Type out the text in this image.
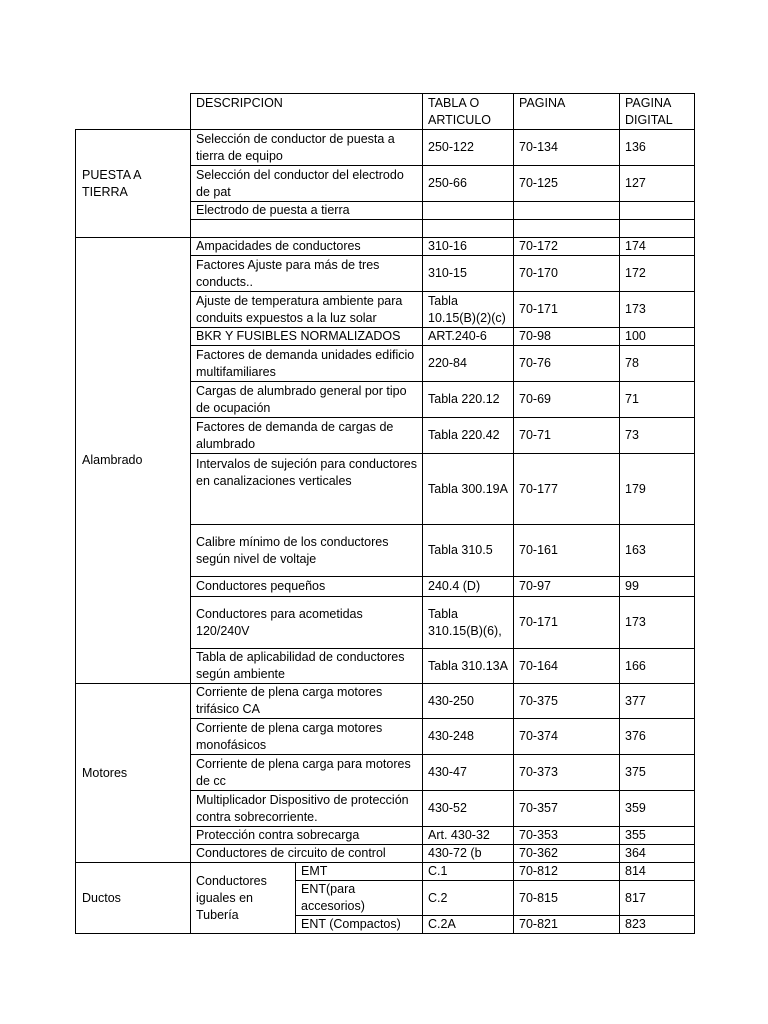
	DESCRIPCION		TABLA O ARTICULO	PAGINA	PAGINA DIGITAL
PUESTA A TIERRA	Selección de conductor de puesta a tierra de equipo		250-122	70-134	136
	Selección del conductor del electrodo de pat		250-66	70-125	127
	Electrodo de puesta a tierra				

Alambrado	Ampacidades de conductores		310-16	70-172	174
	Factores Ajuste para más de tres conducts..		310-15	70-170	172
	Ajuste de temperatura ambiente para conduits expuestos a la luz solar		Tabla 10.15(B)(2)(c)	70-171	173
	BKR Y FUSIBLES NORMALIZADOS		ART.240-6	70-98	100
	Factores de demanda unidades edificio multifamiliares		220-84	70-76	78
	Cargas de alumbrado general por tipo de ocupación		Tabla 220.12	70-69	71
	Factores de demanda de cargas de alumbrado		Tabla 220.42	70-71	73
	Intervalos de sujeción para conductores en canalizaciones verticales		Tabla 300.19A	70-177	179
	Calibre mínimo de los conductores según nivel de voltaje		Tabla 310.5	70-161	163
	Conductores pequeños		240.4 (D)	70-97	99
	Conductores para acometidas 120/240V		Tabla 310.15(B)(6),	70-171	173
	Tabla de aplicabilidad de conductores según ambiente		Tabla 310.13A	70-164	166
Motores	Corriente de plena carga motores trifásico CA		430-250	70-375	377
	Corriente de plena carga motores monofásicos		430-248	70-374	376
	Corriente de plena carga para motores de cc		430-47	70-373	375
	Multiplicador Dispositivo de protección contra sobrecorriente.		430-52	70-357	359
	Protección contra sobrecarga		Art. 430-32	70-353	355
	Conductores de circuito de control		430-72 (b	70-362	364
Ductos	Conductores iguales en Tubería	EMT	C.1	70-812	814
		ENT(para accesorios)	C.2	70-815	817
		ENT (Compactos)	C.2A	70-821	823
